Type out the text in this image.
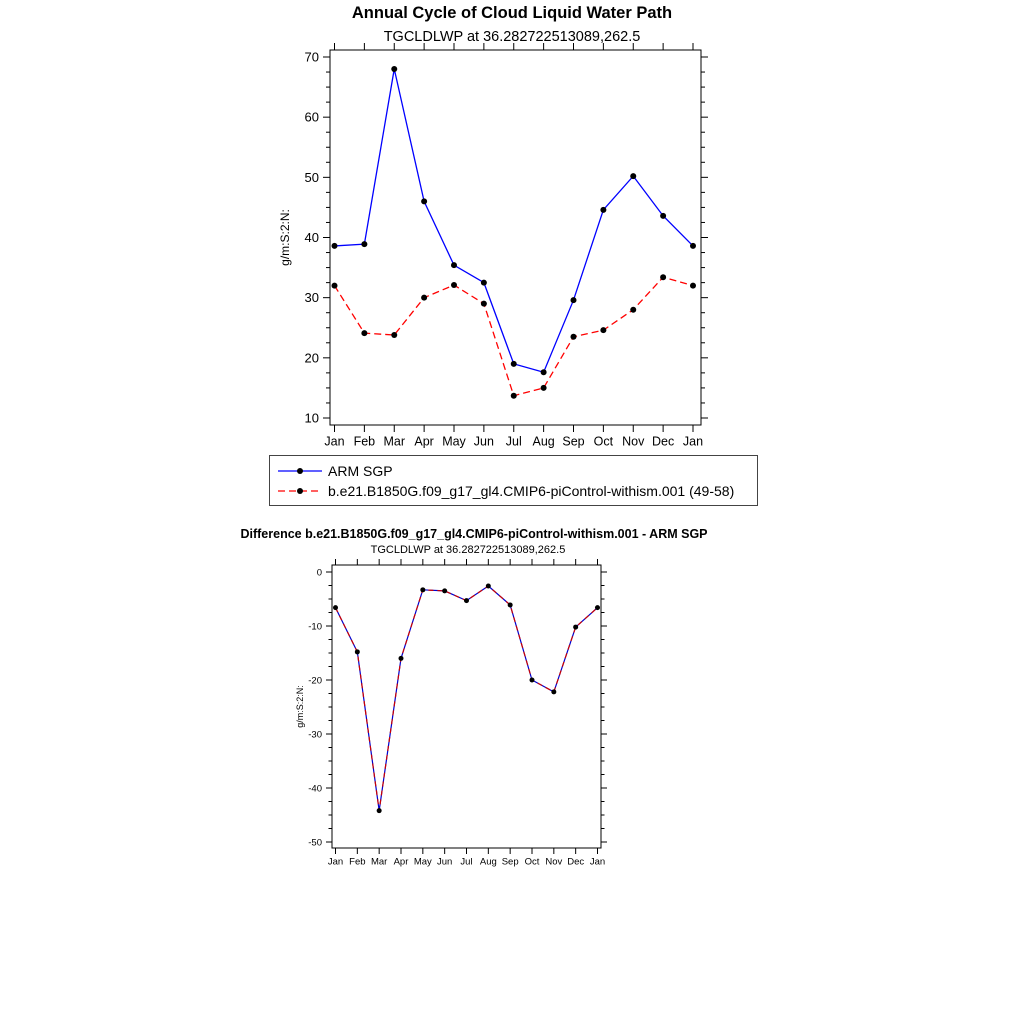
Annual Cycle of Cloud Liquid Water Path
TGCLDLWP at 36.282722513089,262.5
10
20
30
40
50
60
70
Jan Feb Mar Apr May Jun Jul Aug Sep Oct Nov Dec Jan
g/m:S:2:N:
-50
-40
-30
-20
-10
0
Jan Feb Mar Apr May Jun Jul Aug Sep Oct Nov Dec Jan
g/m:S:2:N:
ARM SGP
b.e21.B1850G.f09_g17_gl4.CMIP6-piControl-withism.001 (49-58)
Difference b.e21.B1850G.f09_g17_gl4.CMIP6-piControl-withism.001 - ARM SGP
TGCLDLWP at 36.282722513089,262.5
